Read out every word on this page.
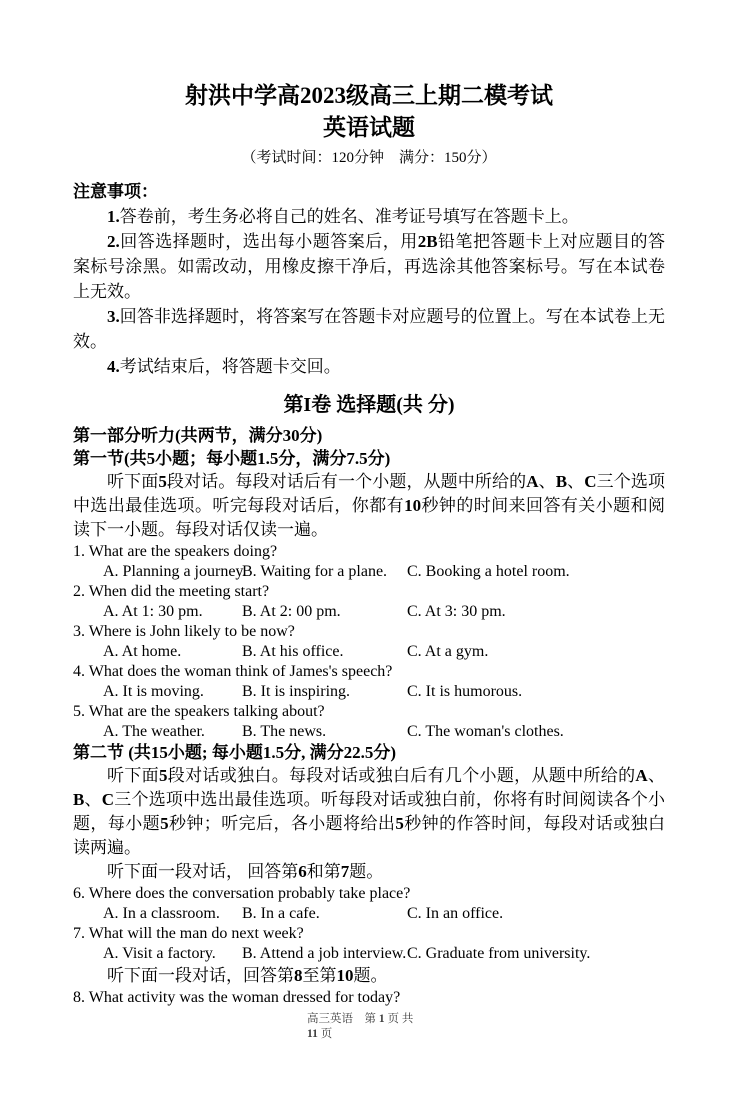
射洪中学高2023级高三上期二模考试
英语试题
（考试时间：120分钟　满分：150分）
注意事项：
1.答卷前，考生务必将自己的姓名、准考证号填写在答题卡上。
2.回答选择题时，选出每小题答案后，用2B铅笔把答题卡上对应题目的答案标号涂黑。如需改动，用橡皮擦干净后，再选涂其他答案标号。写在本试卷上无效。
3.回答非选择题时，将答案写在答题卡对应题号的位置上。写在本试卷上无效。
4.考试结束后，将答题卡交回。
第I卷 选择题(共 分)
第一部分听力(共两节，满分30分)
第一节(共5小题；每小题1.5分，满分7.5分)
听下面5段对话。每段对话后有一个小题，从题中所给的A、B、C三个选项中选出最佳选项。听完每段对话后，你都有10秒钟的时间来回答有关小题和阅读下一小题。每段对话仅读一遍。
1. What are the speakers doing?
A. Planning a journey.
B. Waiting for a plane.	C. Booking a hotel room.
2. When did the meeting start?
A. At 1: 30 pm.	B. At 2: 00 pm.	C. At 3: 30 pm.
3. Where is John likely to be now?
A. At home.	B. At his office.	C. At a gym.
4. What does the woman think of James's speech?
A. It is moving.	B. It is inspiring.	C. It is humorous.
5. What are the speakers talking about?
A. The weather.	B. The news.	C. The woman's clothes.
第二节 (共15小题; 每小题1.5分, 满分22.5分)
听下面5段对话或独白。每段对话或独白后有几个小题，从题中所给的A、B、C三个选项中选出最佳选项。听每段对话或独白前，你将有时间阅读各个小题，每小题5秒钟；听完后，各小题将给出5秒钟的作答时间，每段对话或独白读两遍。
听下面一段对话， 回答第6和第7题。
6. Where does the conversation probably take place?
A. In a classroom.	B. In a cafe.	C. In an office.
7. What will the man do next week?
A. Visit a factory.	B. Attend a job interview. C. Graduate from university.
听下面一段对话，回答第8至第10题。
8. What activity was the woman dressed for today?
高三英语　第 1 页 共
11 页
